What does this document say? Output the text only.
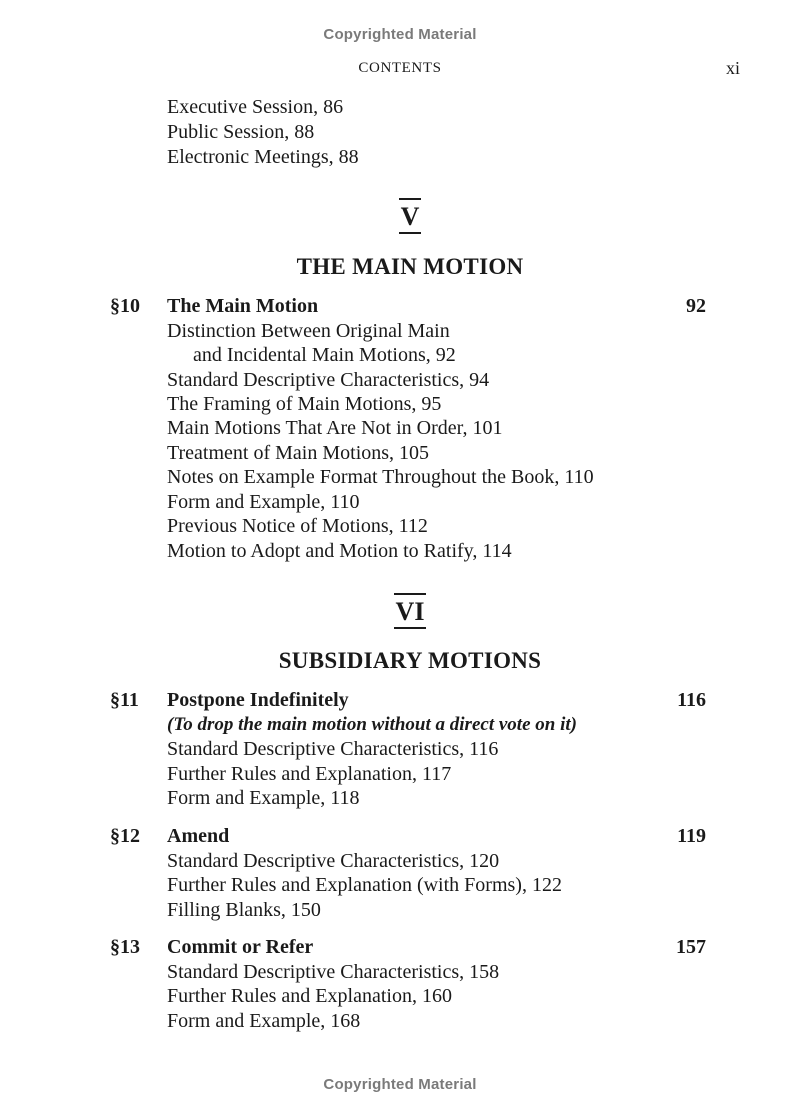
Copyrighted Material
CONTENTS	xi
Executive Session, 86
Public Session, 88
Electronic Meetings, 88
V
THE MAIN MOTION
§10 The Main Motion	92
Distinction Between Original Main
and Incidental Main Motions, 92
Standard Descriptive Characteristics, 94
The Framing of Main Motions, 95
Main Motions That Are Not in Order, 101
Treatment of Main Motions, 105
Notes on Example Format Throughout the Book, 110
Form and Example, 110
Previous Notice of Motions, 112
Motion to Adopt and Motion to Ratify, 114
VI
SUBSIDIARY MOTIONS
§11 Postpone Indefinitely	116
(To drop the main motion without a direct vote on it)
Standard Descriptive Characteristics, 116
Further Rules and Explanation, 117
Form and Example, 118
§12 Amend	119
Standard Descriptive Characteristics, 120
Further Rules and Explanation (with Forms), 122
Filling Blanks, 150
§13 Commit or Refer	157
Standard Descriptive Characteristics, 158
Further Rules and Explanation, 160
Form and Example, 168
Copyrighted Material
